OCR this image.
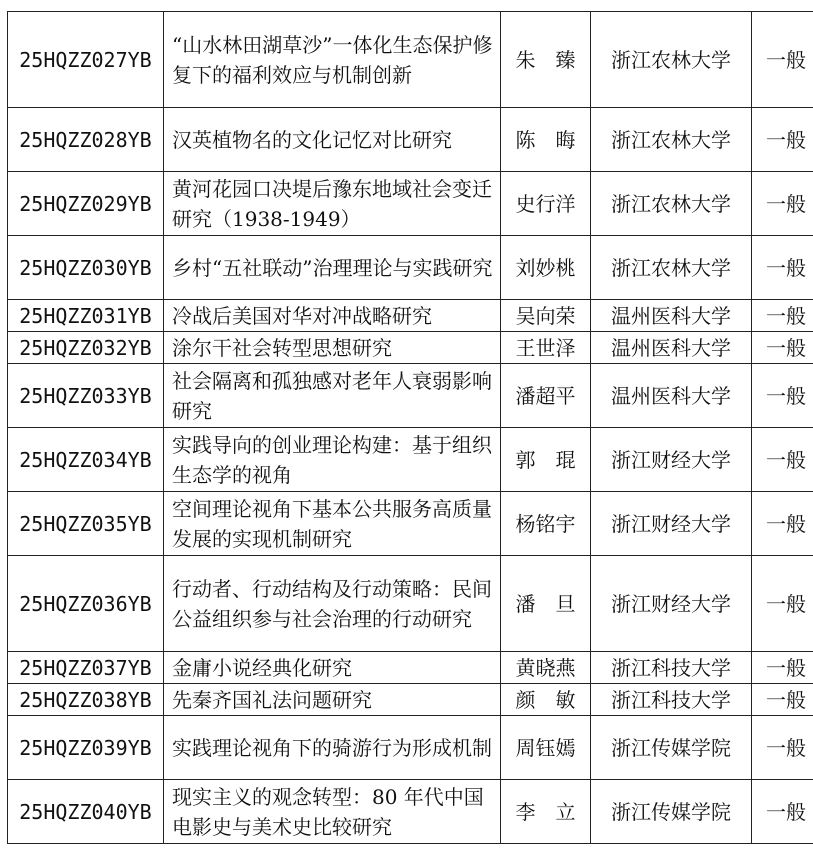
25HQZZ027YB	“山水林田湖草沙”一体化生态保护修复下的福利效应与机制创新	朱　臻	浙江农林大学	一般
25HQZZ028YB	汉英植物名的文化记忆对比研究	陈　晦	浙江农林大学	一般
25HQZZ029YB	黄河花园口决堤后豫东地域社会变迁研究（1938-1949）	史行洋	浙江农林大学	一般
25HQZZ030YB	乡村“五社联动”治理理论与实践研究	刘妙桃	浙江农林大学	一般
25HQZZ031YB	冷战后美国对华对冲战略研究	吴向荣	温州医科大学	一般
25HQZZ032YB	涂尔干社会转型思想研究	王世泽	温州医科大学	一般
25HQZZ033YB	社会隔离和孤独感对老年人衰弱影响研究	潘超平	温州医科大学	一般
25HQZZ034YB	实践导向的创业理论构建：基于组织生态学的视角	郭　琨	浙江财经大学	一般
25HQZZ035YB	空间理论视角下基本公共服务高质量发展的实现机制研究	杨铭宇	浙江财经大学	一般
25HQZZ036YB	行动者、行动结构及行动策略：民间公益组织参与社会治理的行动研究	潘　旦	浙江财经大学	一般
25HQZZ037YB	金庸小说经典化研究	黄晓燕	浙江科技大学	一般
25HQZZ038YB	先秦齐国礼法问题研究	颜　敏	浙江科技大学	一般
25HQZZ039YB	实践理论视角下的骑游行为形成机制	周钰嫣	浙江传媒学院	一般
25HQZZ040YB	现实主义的观念转型：80 年代中国电影史与美术史比较研究	李　立	浙江传媒学院	一般
